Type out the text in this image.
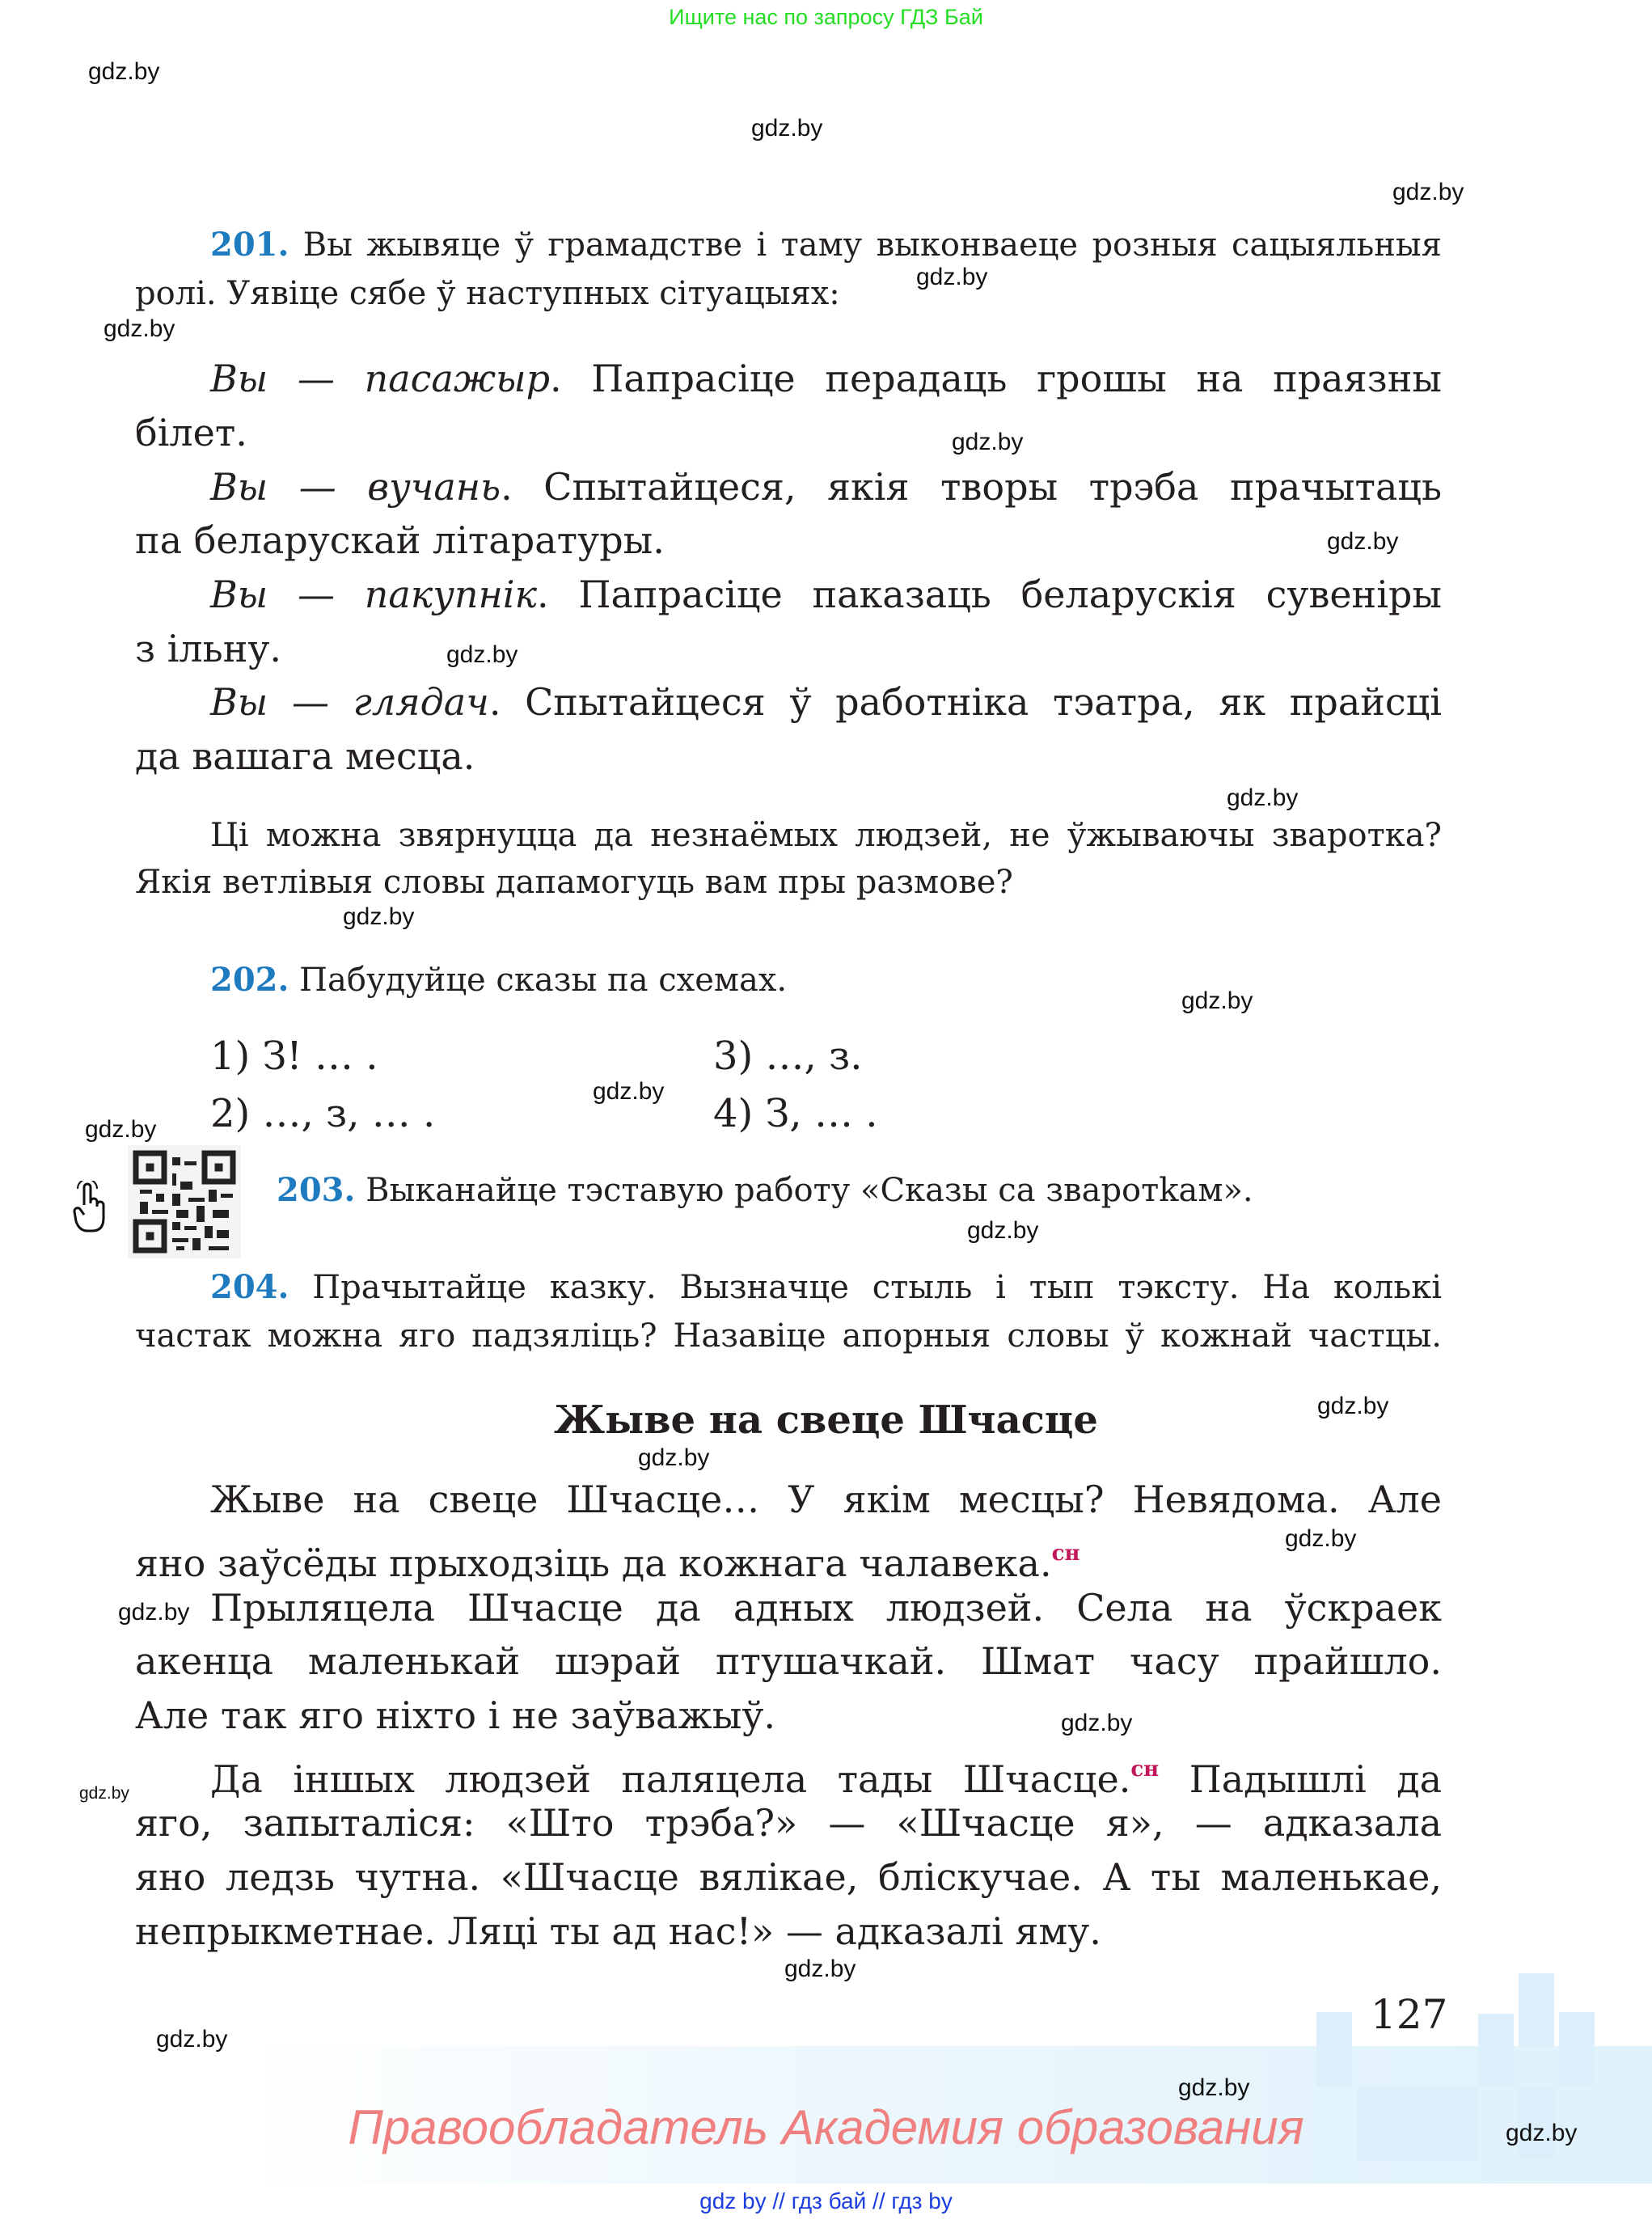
Ищите нас по запросу ГДЗ Бай
gdz.by
gdz.by
gdz.by
gdz.by
gdz.by
gdz.by
gdz.by
gdz.by
gdz.by
gdz.by
gdz.by
gdz.by
gdz.by
gdz.by
gdz.by
gdz.by
gdz.by
gdz.by
gdz.by
gdz.by
gdz.by
gdz.by
gdz.by
gdz.by
201. Вы жывяце ў грамадстве і таму выконваеце розныя сацыяльныя
ролі. Уявіце сябе ў наступных сітуацыях:
Вы — пасажыр. Папрасіце перадаць грошы на праязны
білет.
Вы — вучань. Спытайцеся, якія творы трэба прачытаць
па беларускай літаратуры.
Вы — пакупнік. Папрасіце паказаць беларускія сувеніры
з ільну.
Вы — глядач. Спытайцеся ў работніка тэатра, як прайсці
да вашага месца.
Ці можна звярнуцца да незнаёмых людзей, не ўжываючы зваротка?
Якія ветлівыя словы дапамогуць вам пры размове?
202. Пабудуйце сказы па схемах.
1) З! … .
2) …, з, … .
3) …, з.
4) З, … .
203. Выканайце тэставую работу «Сказы са зваротkам».
204. Прачытайце казку. Вызначце стыль і тып тэксту. На колькі
частак можна яго падзяліць? Назавіце апорныя словы ў кожнай частцы.
Жыве на свеце Шчасце
Жыве на свеце Шчасце… У якім месцы? Невядома. Але
яно заўсёды прыходзіць да кожнага чалавека.$^{сн}$
Прыляцела Шчасце да адных людзей. Села на ўскраек
акенца маленькай шэрай птушачкай. Шмат часу прайшло.
Але так яго ніхто і не заўважыў.
Да іншых людзей паляцела тады Шчасце.$^{сн}$ Падышлі да
яго, запыталіся: «Што трэба?» — «Шчасце я», — адказала
яно ледзь чутна. «Шчасце вялікае, бліскучае. А ты маленькае,
непрыкметнае. Ляці ты ад нас!» — адказалі яму.
127
Правообладатель Академия образования
gdz by // гдз бай // гдз by
